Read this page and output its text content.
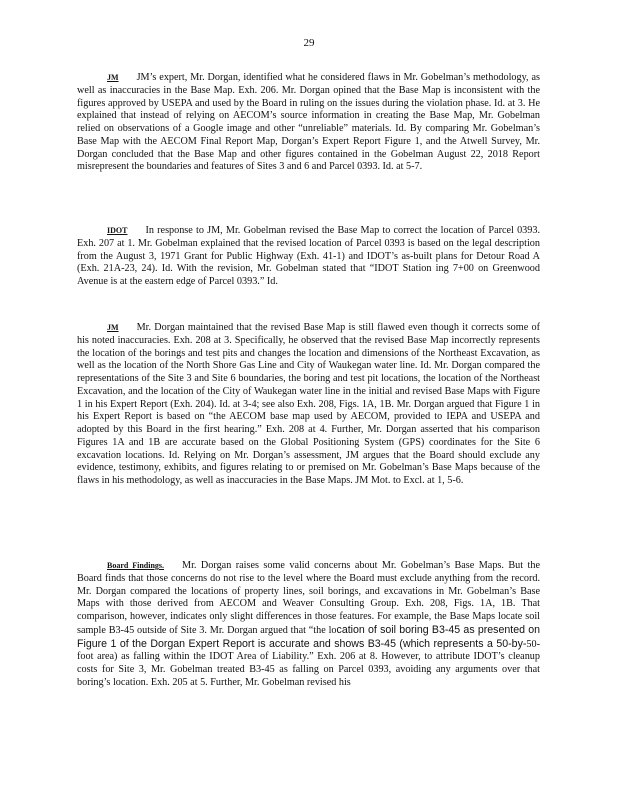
29

JM JM’s expert, Mr. Dorgan, identified what he considered flaws in Mr. Gobelman’s methodology, as well as inaccuracies in the Base Map. Exh. 206. Mr. Dorgan opined that the Base Map is inconsistent with the figures approved by USEPA and used by the Board in ruling on the issues during the violation phase. Id. at 3. He explained that instead of relying on AECOM’s source information in creating the Base Map, Mr. Gobelman relied on observations of a Google image and other “unreliable” materials. Id. By comparing Mr. Gobelman’s Base Map with the AECOM Final Report Map, Dorgan’s Expert Report Figure 1, and the Atwell Survey, Mr. Dorgan concluded that the Base Map and other figures contained in the Gobelman August 22, 2018 Report misrepresent the boundaries and features of Sites 3 and 6 and Parcel 0393. Id. at 5-7.

IDOT In response to JM, Mr. Gobelman revised the Base Map to correct the location of Parcel 0393. Exh. 207 at 1. Mr. Gobelman explained that the revised location of Parcel 0393 is based on the legal description from the August 3, 1971 Grant for Public Highway (Exh. 41-1) and IDOT’s as-built plans for Detour Road A (Exh. 21A-23, 24). Id. With the revision, Mr. Gobelman stated that “IDOT Station ing 7+00 on Greenwood Avenue is at the eastern edge of Parcel 0393.” Id.

JM Mr. Dorgan maintained that the revised Base Map is still flawed even though it corrects some of his noted inaccuracies. Exh. 208 at 3. Specifically, he observed that the revised Base Map incorrectly represents the location of the borings and test pits and changes the location and dimensions of the Northeast Excavation, as well as the location of the North Shore Gas Line and City of Waukegan water line. Id. Mr. Dorgan compared the representations of the Site 3 and Site 6 boundaries, the boring and test pit locations, the location of the Northeast Excavation, and the location of the City of Waukegan water line in the initial and revised Base Maps with Figure 1 in his Expert Report (Exh. 204). Id. at 3-4; see also Exh. 208, Figs. 1A, 1B. Mr. Dorgan argued that Figure 1 in his Expert Report is based on “the AECOM base map used by AECOM, provided to IEPA and USEPA and adopted by this Board in the first hearing.” Exh. 208 at 4. Further, Mr. Dorgan asserted that his comparison Figures 1A and 1B are accurate based on the Global Positioning System (GPS) coordinates for the Site 6 excavation locations. Id. Relying on Mr. Dorgan’s assessment, JM argues that the Board should exclude any evidence, testimony, exhibits, and figures relating to or premised on Mr. Gobelman’s Base Maps because of the flaws in his methodology, as well as inaccuracies in the Base Maps. JM Mot. to Excl. at 1, 5-6.

Board Findings. Mr. Dorgan raises some valid concerns about Mr. Gobelman’s Base Maps. But the Board finds that those concerns do not rise to the level where the Board must exclude anything from the record. Mr. Dorgan compared the locations of property lines, soil borings, and excavations in Mr. Gobelman’s Base Maps with those derived from AECOM and Weaver Consulting Group. Exh. 208, Figs. 1A, 1B. That comparison, however, indicates only slight differences in those features. For example, the Base Maps locate soil sample B3-45 outside of Site 3. Mr. Dorgan argued that “the location of soil boring B3-45 as presented on Figure 1 of the Dorgan Expert Report is accurate and shows B3-45 (which represents a 50-by-50-foot area) as falling within the IDOT Area of Liability.” Exh. 206 at 8. However, to attribute IDOT’s cleanup costs for Site 3, Mr. Gobelman treated B3-45 as falling on Parcel 0393, avoiding any arguments over that boring’s location. Exh. 205 at 5. Further, Mr. Gobelman revised his
